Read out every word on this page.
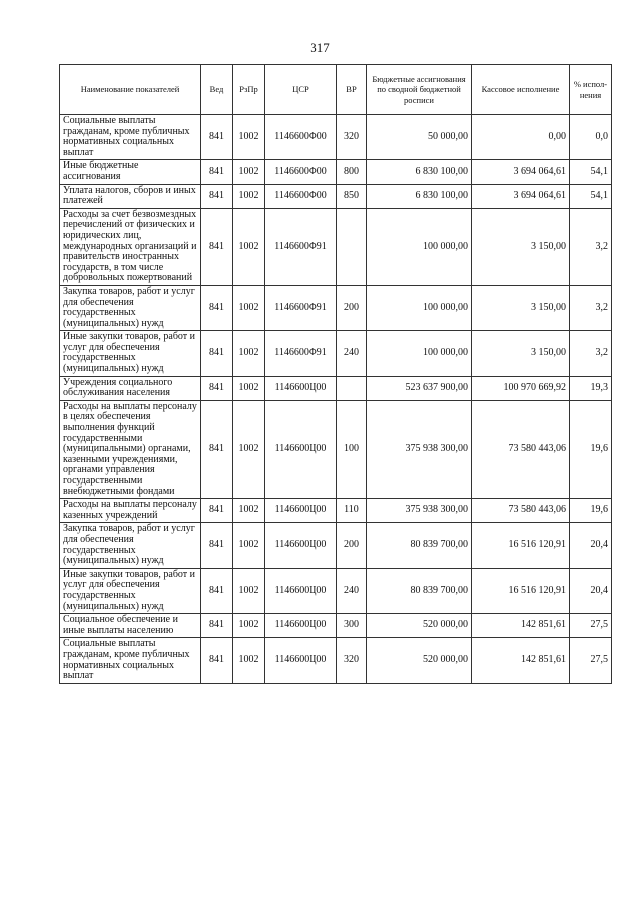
317
Наименование показателей	Вед	РзПр	ЦСР	ВР	Бюджетные ассигнования по сводной бюджетной росписи	Кассовое исполнение	% испол-нения
Социальные выплаты гражданам, кроме публичных нормативных социальных выплат	841	1002	1146600Ф00	320	50 000,00	0,00	0,0
Иные бюджетные ассигнования	841	1002	1146600Ф00	800	6 830 100,00	3 694 064,61	54,1
Уплата налогов, сборов и иных платежей	841	1002	1146600Ф00	850	6 830 100,00	3 694 064,61	54,1
Расходы за счет безвозмездных перечислений от физических и юридических лиц, международных организаций и правительств иностранных государств, в том числе добровольных пожертвований	841	1002	1146600Ф91		100 000,00	3 150,00	3,2
Закупка товаров, работ и услуг для обеспечения государственных (муниципальных) нужд	841	1002	1146600Ф91	200	100 000,00	3 150,00	3,2
Иные закупки товаров, работ и услуг для обеспечения государственных (муниципальных) нужд	841	1002	1146600Ф91	240	100 000,00	3 150,00	3,2
Учреждения социального обслуживания населения	841	1002	1146600Ц00		523 637 900,00	100 970 669,92	19,3
Расходы на выплаты персоналу в целях обеспечения выполнения функций государственными (муниципальными) органами, казенными учреждениями, органами управления государственными внебюджетными фондами	841	1002	1146600Ц00	100	375 938 300,00	73 580 443,06	19,6
Расходы на выплаты персоналу казенных учреждений	841	1002	1146600Ц00	110	375 938 300,00	73 580 443,06	19,6
Закупка товаров, работ и услуг для обеспечения государственных (муниципальных) нужд	841	1002	1146600Ц00	200	80 839 700,00	16 516 120,91	20,4
Иные закупки товаров, работ и услуг для обеспечения государственных (муниципальных) нужд	841	1002	1146600Ц00	240	80 839 700,00	16 516 120,91	20,4
Социальное обеспечение и иные выплаты населению	841	1002	1146600Ц00	300	520 000,00	142 851,61	27,5
Социальные выплаты гражданам, кроме публичных нормативных социальных выплат	841	1002	1146600Ц00	320	520 000,00	142 851,61	27,5
